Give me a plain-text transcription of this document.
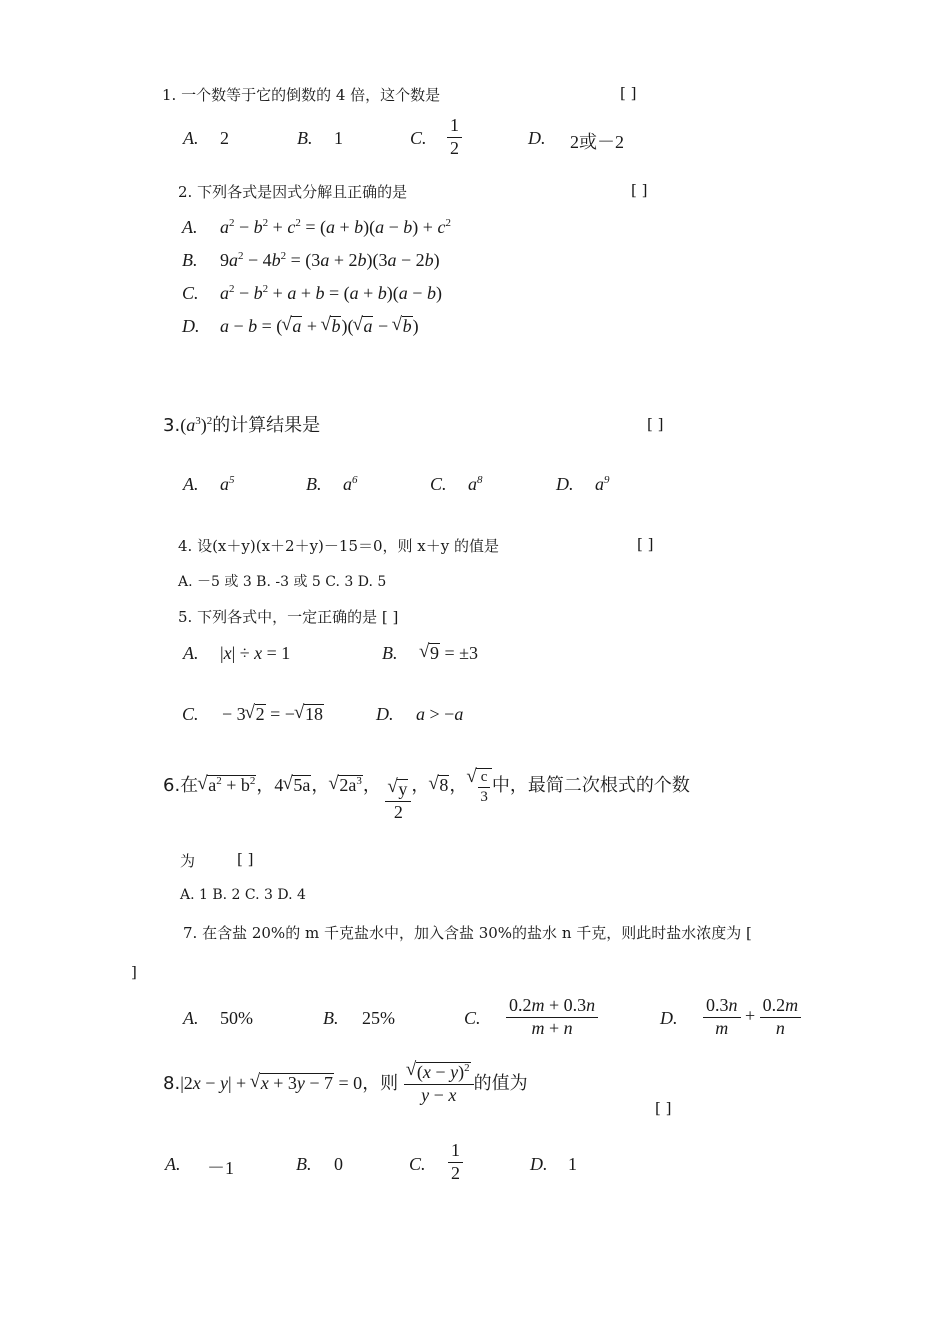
1. 一个数等于它的倒数的 4 倍，这个数是	[ ]
A. 2	B. 1	C. $\frac{1}{2}$	D. 2或－2
2. 下列各式是因式分解且正确的是	[ ]
A. $a^2 - b^2 + c^2 = (a + b)(a - b) + c^2$
B. $9a^2 - 4b^2 = (3a + 2b)(3a - 2b)$
C. $a^2 - b^2 + a + b = (a + b)(a - b)$
D. a − b = ( √ a + √ b)( √ a − √ b)
$3.(a^3)^2$的计算结果是	[ ]
A. $a^5$	B. $a^6$	C. $a^8$	D. $a^9$
4. 设(x＋y)(x＋2＋y)－15＝0，则 x＋y 的值是	[ ]
A. －5 或 3 B. -3 或 5 C. 3 D. 5
5. 下列各式中，一定正确的是 [ ]
A. |x| ÷ x = 1	B.	√ 9 = ±3
C. − 3 √ 2 = − √ 18	D. a > −a
6.在 √ $a^2 + b^2$，4 √ 5a， √ $2a^3$， √ $\frac{y}{2}$ ， √ 8， √ $\frac{c}{3}$ 中，最简二次根式的个数
为	[ ]
A. 1 B. 2 C. 3 D. 4
7. 在含盐 20%的 m 千克盐水中，加入含盐 30%的盐水 n 千克，则此时盐水浓度为 [
]
A. 50%	B. 25%	C. $\frac{0.2m + 0.3n}{m + n}$	D. $\frac{0.3n}{m} + \frac{0.2m}{n}$
8.|2x − y| + √ x + 3y − 7 = 0，则 √ $\frac{(x - y)^2}{y - x}$ 的值为
[ ]
A. －1	B. 0	C. $\frac{1}{2}$	D. 1
